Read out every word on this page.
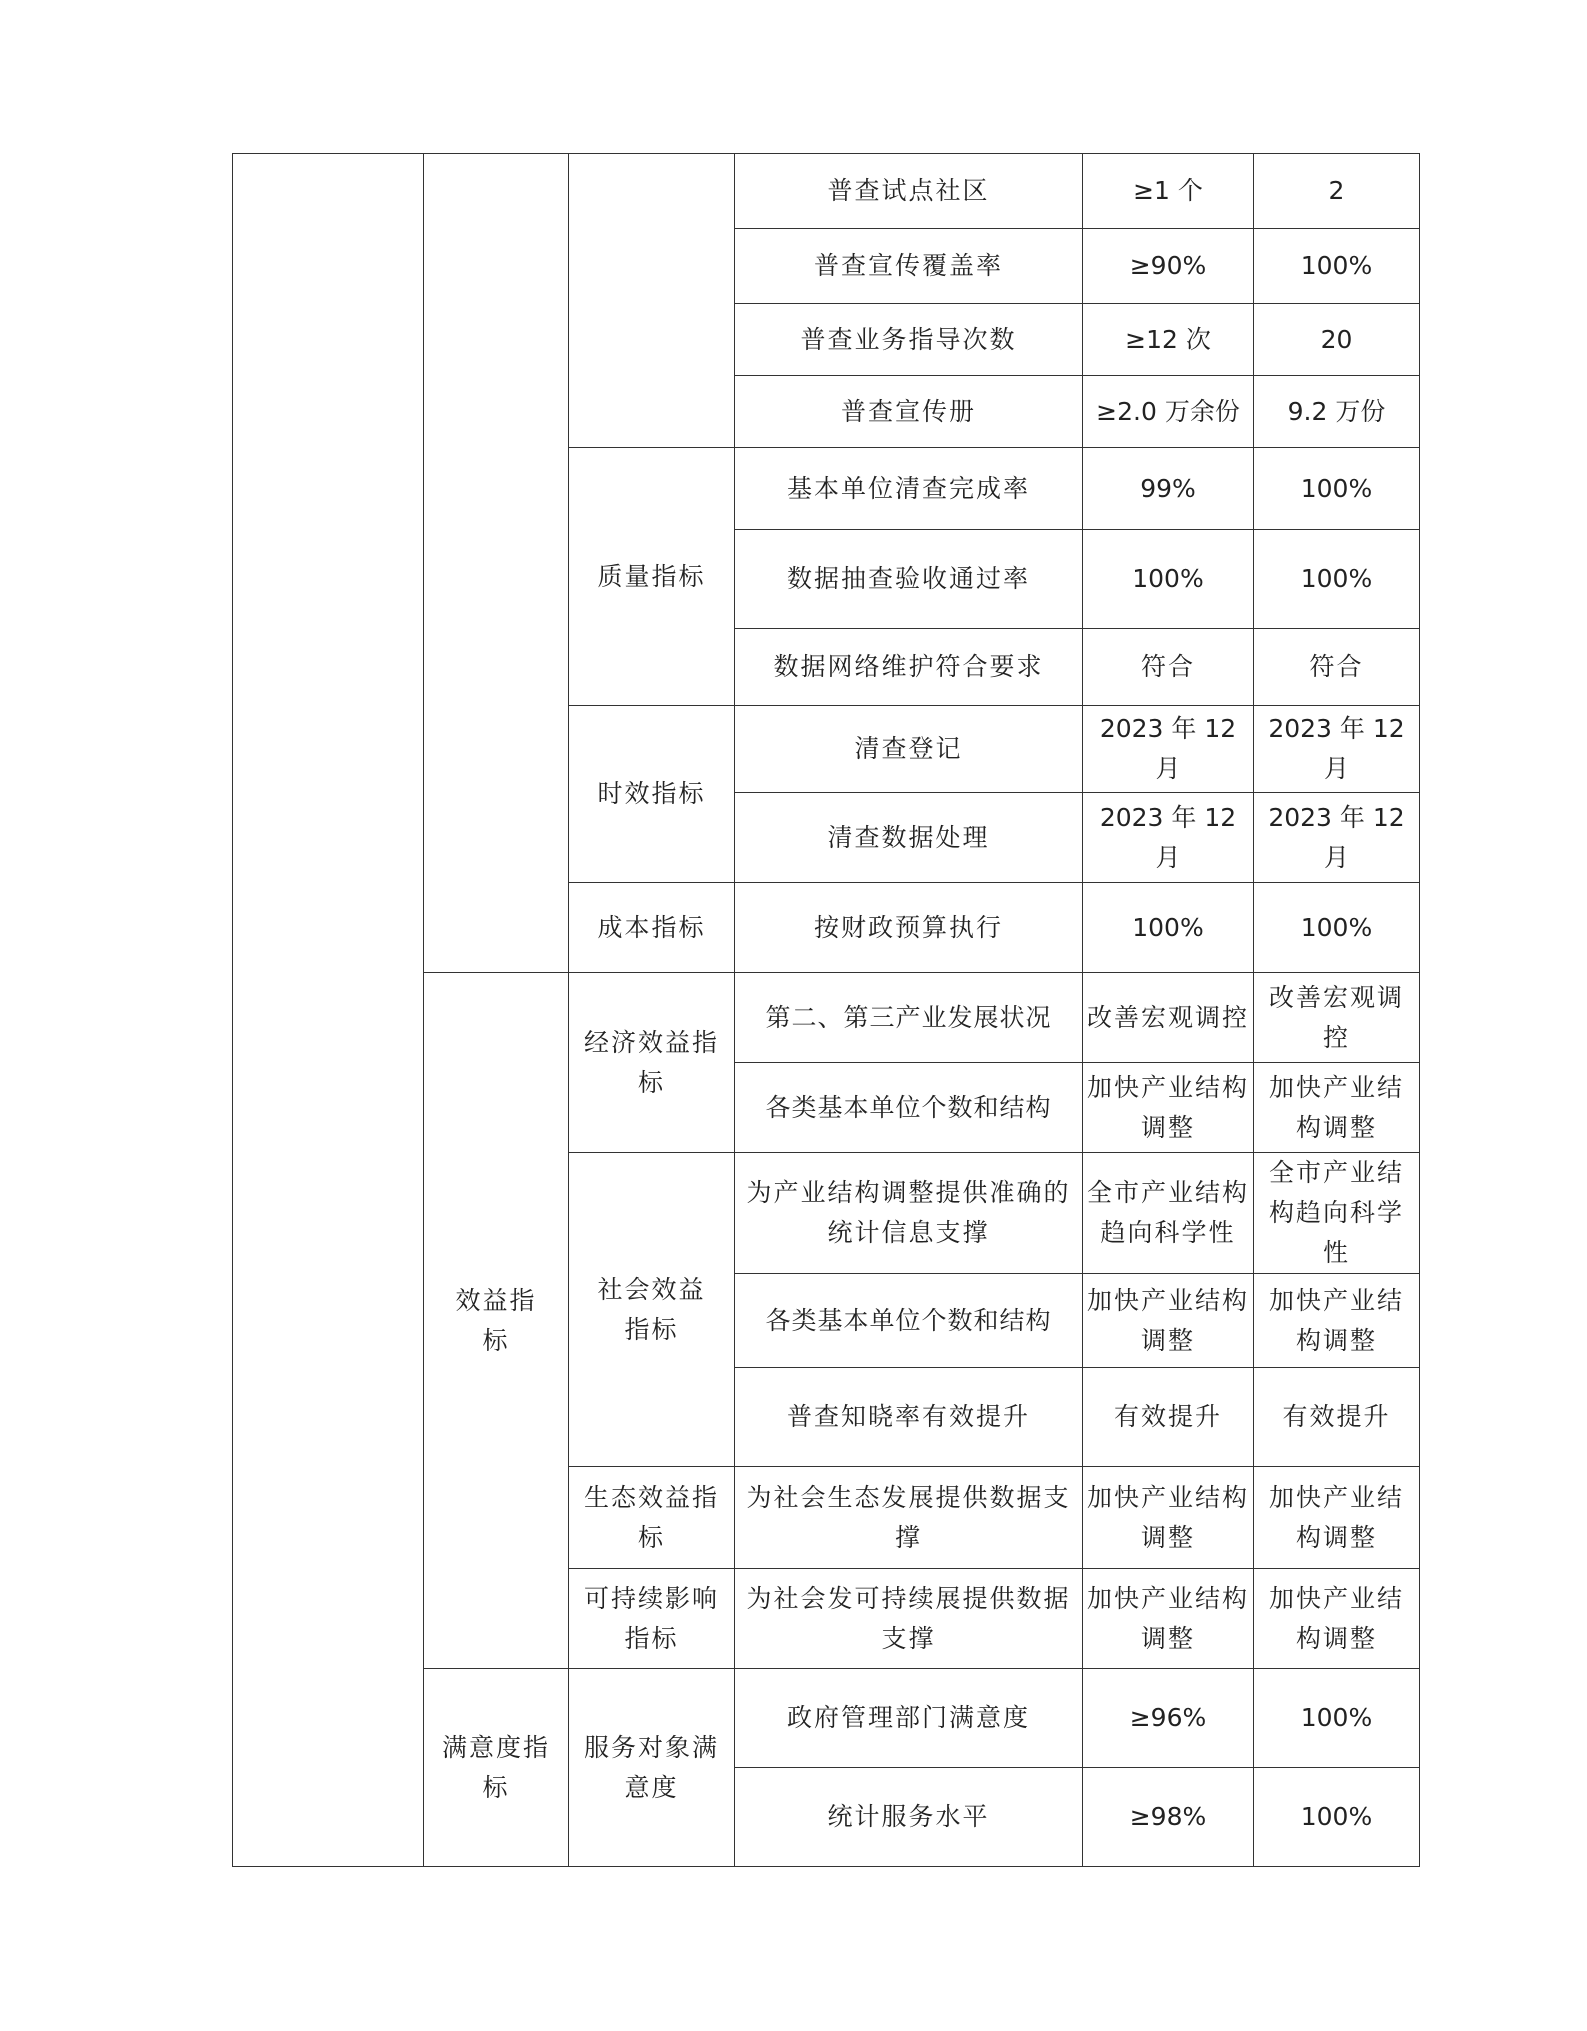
			普查试点社区	≥1 个	2
			普查宣传覆盖率	≥90%	100%
			普查业务指导次数	≥12 次	20
			普查宣传册	≥2.0 万余份	9.2 万份
		质量指标	基本单位清查完成率	99%	100%
			数据抽查验收通过率	100%	100%
			数据网络维护符合要求	符合	符合
		时效指标	清查登记	2023 年 12 月	2023 年 12 月
			清查数据处理	2023 年 12 月	2023 年 12 月
		成本指标	按财政预算执行	100%	100%
	效益指标	经济效益指标	第二、第三产业发展状况	改善宏观调控	改善宏观调控
			各类基本单位个数和结构	加快产业结构调整	加快产业结构调整
		社会效益指标	为产业结构调整提供准确的统计信息支撑	全市产业结构趋向科学性	全市产业结构趋向科学性
			各类基本单位个数和结构	加快产业结构调整	加快产业结构调整
			普查知晓率有效提升	有效提升	有效提升
		生态效益指标	为社会生态发展提供数据支撑	加快产业结构调整	加快产业结构调整
		可持续影响指标	为社会发可持续展提供数据支撑	加快产业结构调整	加快产业结构调整
	满意度指标	服务对象满意度	政府管理部门满意度	≥96%	100%
			统计服务水平	≥98%	100%
